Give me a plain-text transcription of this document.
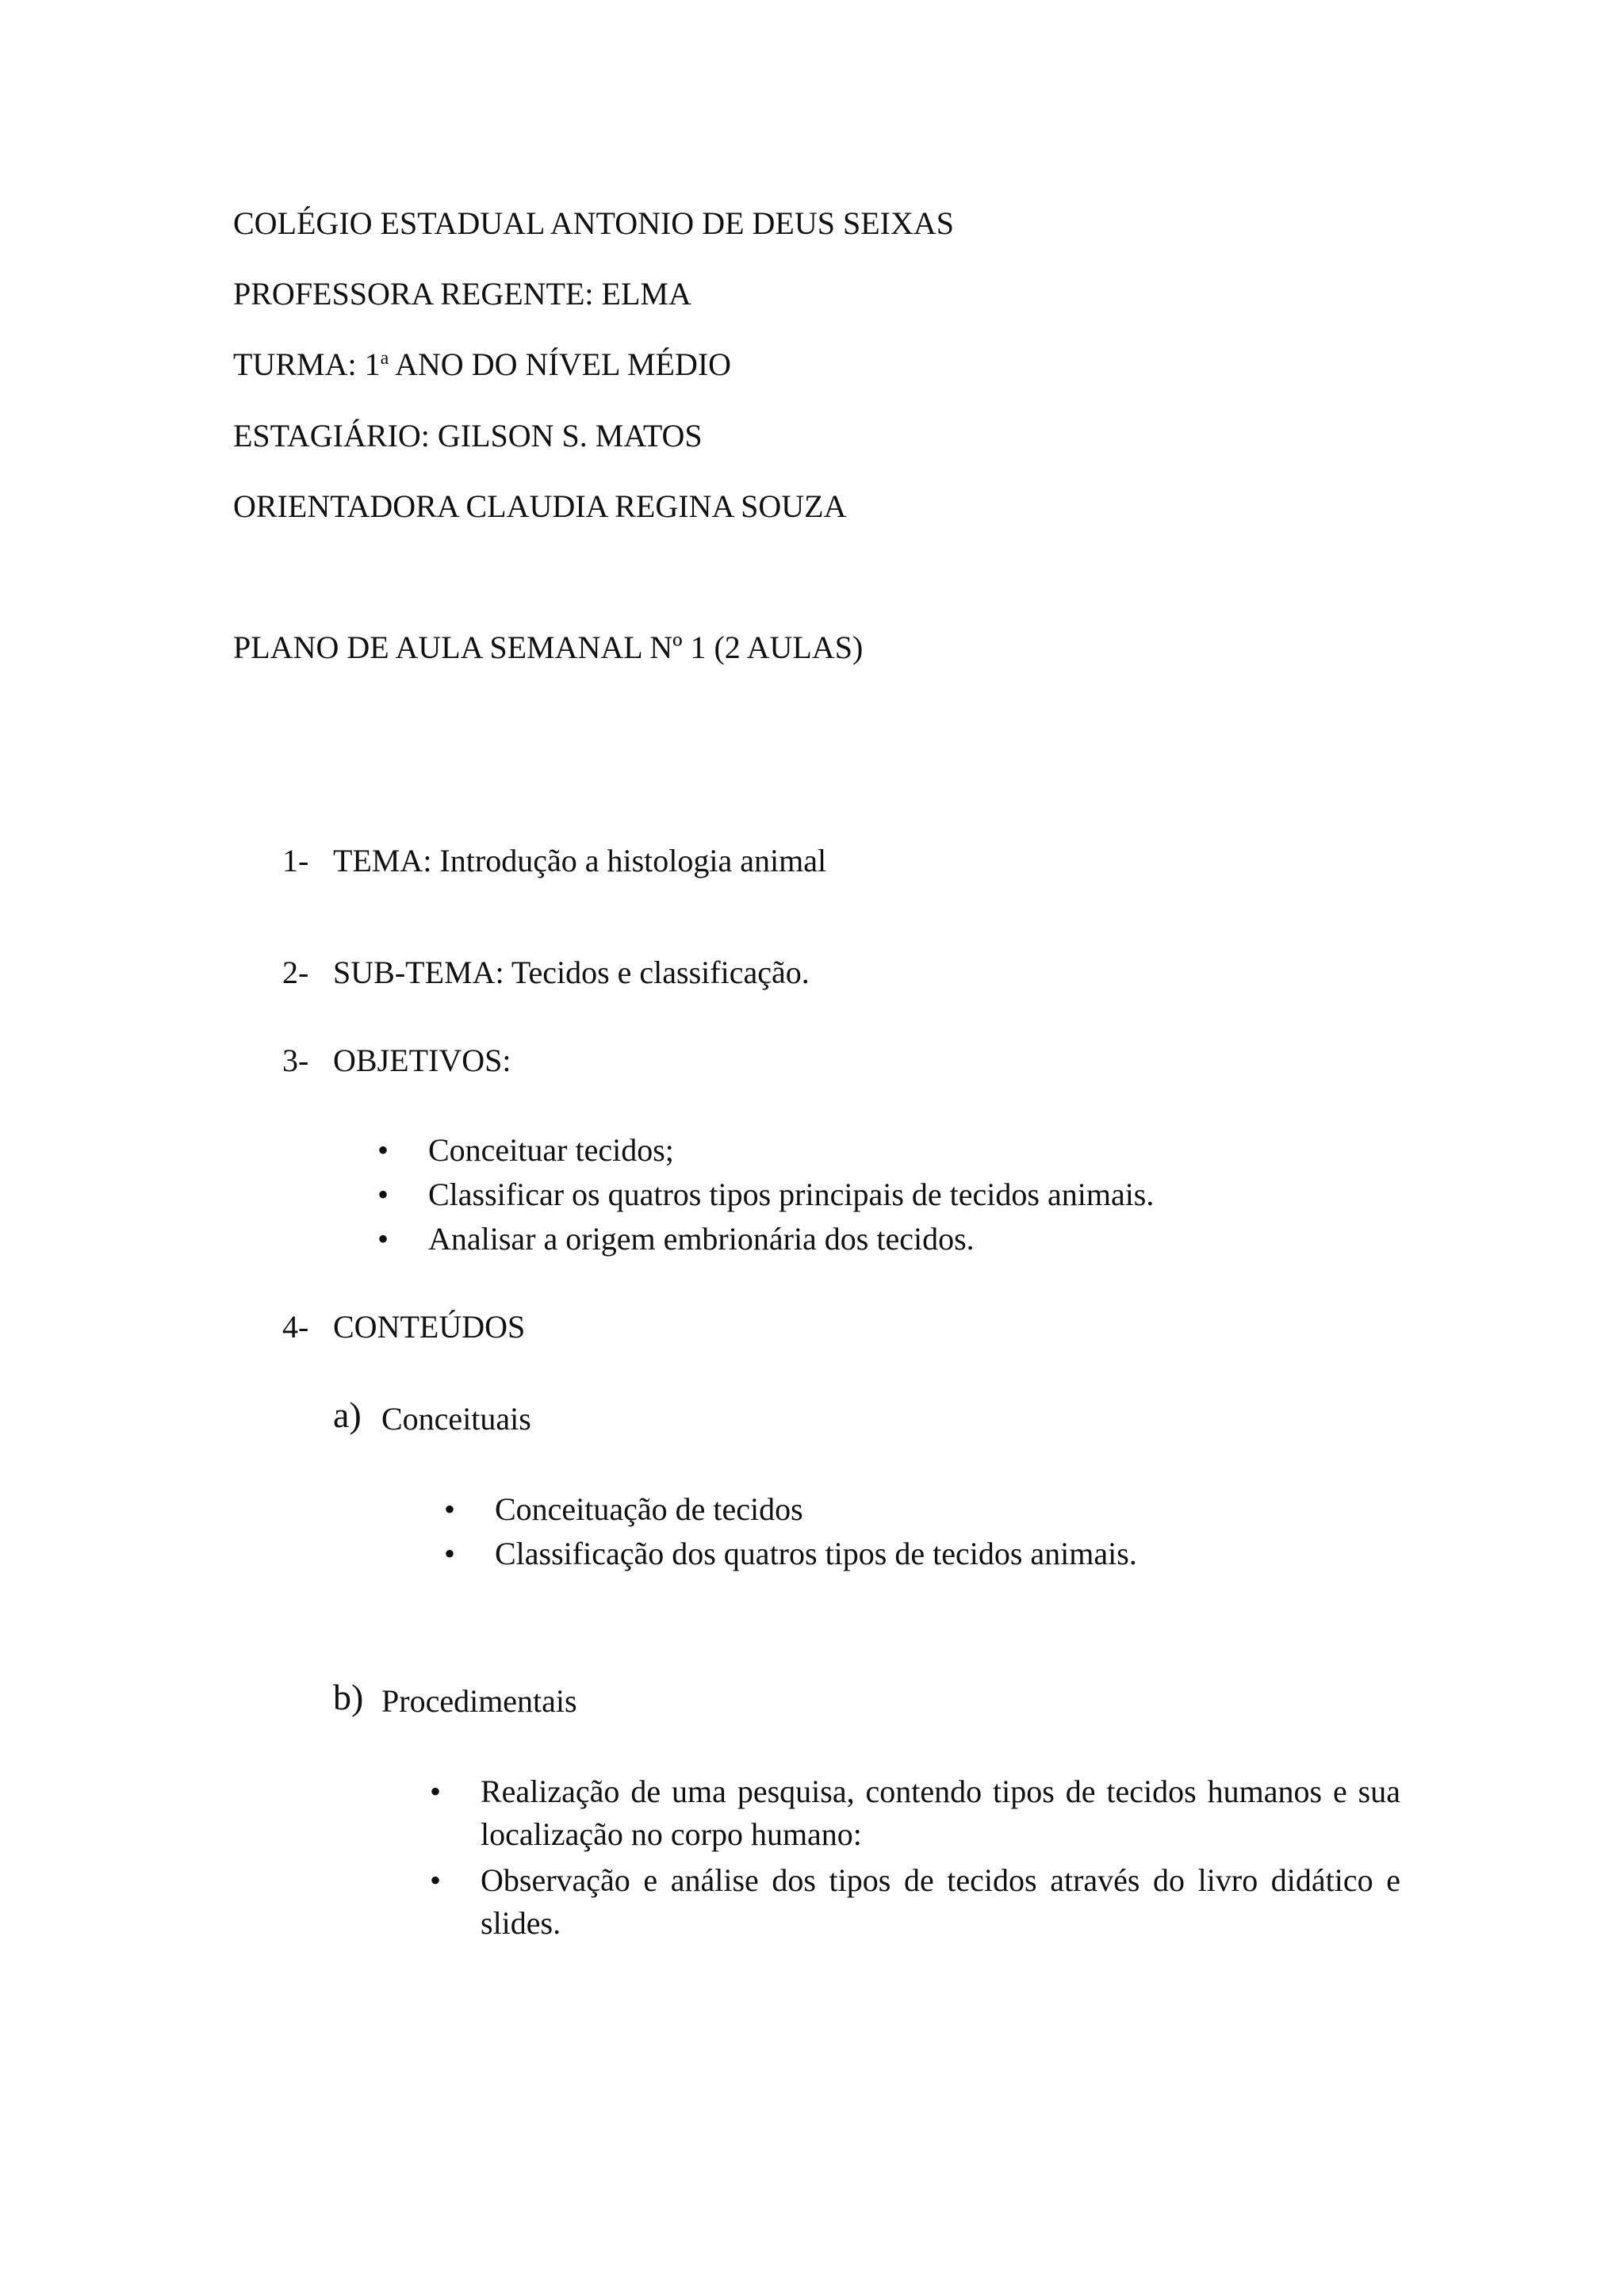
COLÉGIO ESTADUAL ANTONIO DE DEUS SEIXAS
PROFESSORA REGENTE: ELMA
TURMA: 1$^a$ ANO DO NÍVEL MÉDIO
ESTAGIÁRIO: GILSON S. MATOS
ORIENTADORA CLAUDIA REGINA SOUZA
PLANO DE AULA SEMANAL Nº 1 (2 AULAS)
1- TEMA: Introdução a histologia animal
2- SUB-TEMA: Tecidos e classificação.
3- OBJETIVOS:
•
Conceituar tecidos;
•
Classificar os quatros tipos principais de tecidos animais.
•
Analisar a origem embrionária dos tecidos.
4- CONTEÚDOS
a) Conceituais
•
Conceituação de tecidos
•
Classificação dos quatros tipos de tecidos animais.
b) Procedimentais
•
Realização de uma pesquisa, contendo tipos de tecidos humanos e sua localização no corpo humano:
•
Observação e análise dos tipos de tecidos através do livro didático e slides.
